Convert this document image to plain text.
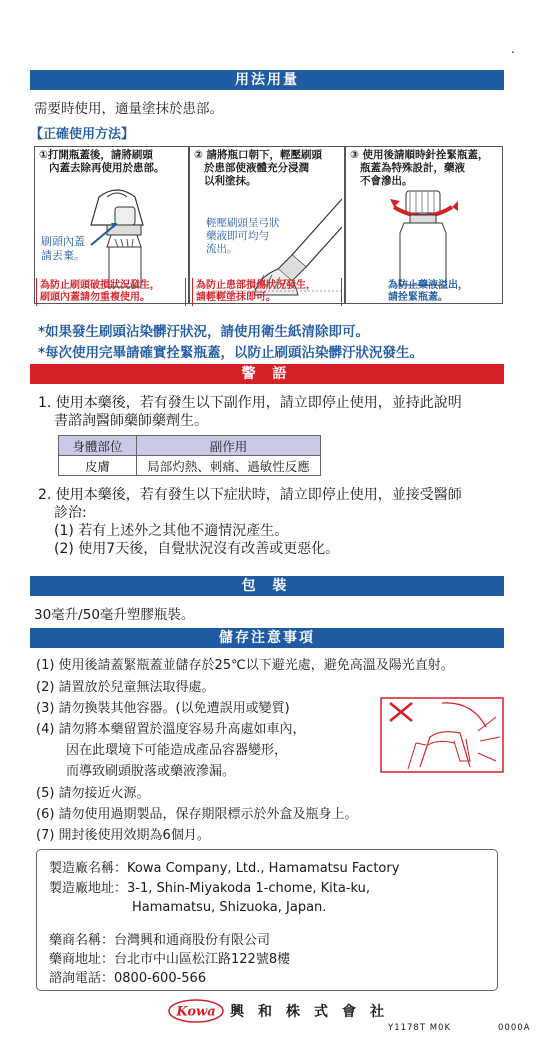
.
用法用量
需要時使用，適量塗抹於患部。
【正確使用方法】
①打開瓶蓋後，請將刷頭
內蓋去除再使用於患部。
刷頭內蓋
請丟棄。
為防止刷頭破損狀況發生，
刷頭內蓋請勿重複使用。
② 請將瓶口朝下，輕壓刷頭
於患部使液體充分浸潤
以利塗抹。
輕壓刷頭呈弓狀
藥液即可均勻
流出。
為防止患部損傷狀況發生，
請輕輕塗抹即可。
③ 使用後請順時針拴緊瓶蓋，
瓶蓋為特殊設計，藥液
不會滲出。
為防止藥液溢出，
請拴緊瓶蓋。
*如果發生刷頭沾染髒汙狀況，請使用衛生紙清除即可。
*每次使用完畢請確實拴緊瓶蓋，以防止刷頭沾染髒汙狀況發生。
警 語
1. 使用本藥後，若有發生以下副作用，請立即停止使用，並持此說明
書諮詢醫師藥師藥劑生。
身體部位	副作用
皮膚	局部灼熱、刺痛、過敏性反應
2. 使用本藥後，若有發生以下症狀時，請立即停止使用，並接受醫師
診治:
(1) 若有上述外之其他不適情況產生。
(2) 使用7天後，自覺狀況沒有改善或更惡化。
包 裝
30毫升/50毫升塑膠瓶裝。
儲存注意事項
(1) 使用後請蓋緊瓶蓋並儲存於25℃以下避光處，避免高溫及陽光直射。
(2) 請置放於兒童無法取得處。
(3) 請勿換裝其他容器。(以免遭誤用或變質)
(4) 請勿將本藥留置於溫度容易升高處如車內，
因在此環境下可能造成產品容器變形，
而導致刷頭脫落或藥液滲漏。
(5) 請勿接近火源。
(6) 請勿使用過期製品，保存期限標示於外盒及瓶身上。
(7) 開封後使用效期為6個月。
製造廠名稱：Kowa Company, Ltd., Hamamatsu Factory
製造廠地址：3-1, Shin-Miyakoda 1-chome, Kita-ku,
Hamamatsu, Shizuoka, Japan.
藥商名稱：台灣興和通商股份有限公司
藥商地址：台北市中山區松江路122號8樓
諮詢電話：0800-600-566
Kowa 興和株式會社
Y1178T M0K	0000A
